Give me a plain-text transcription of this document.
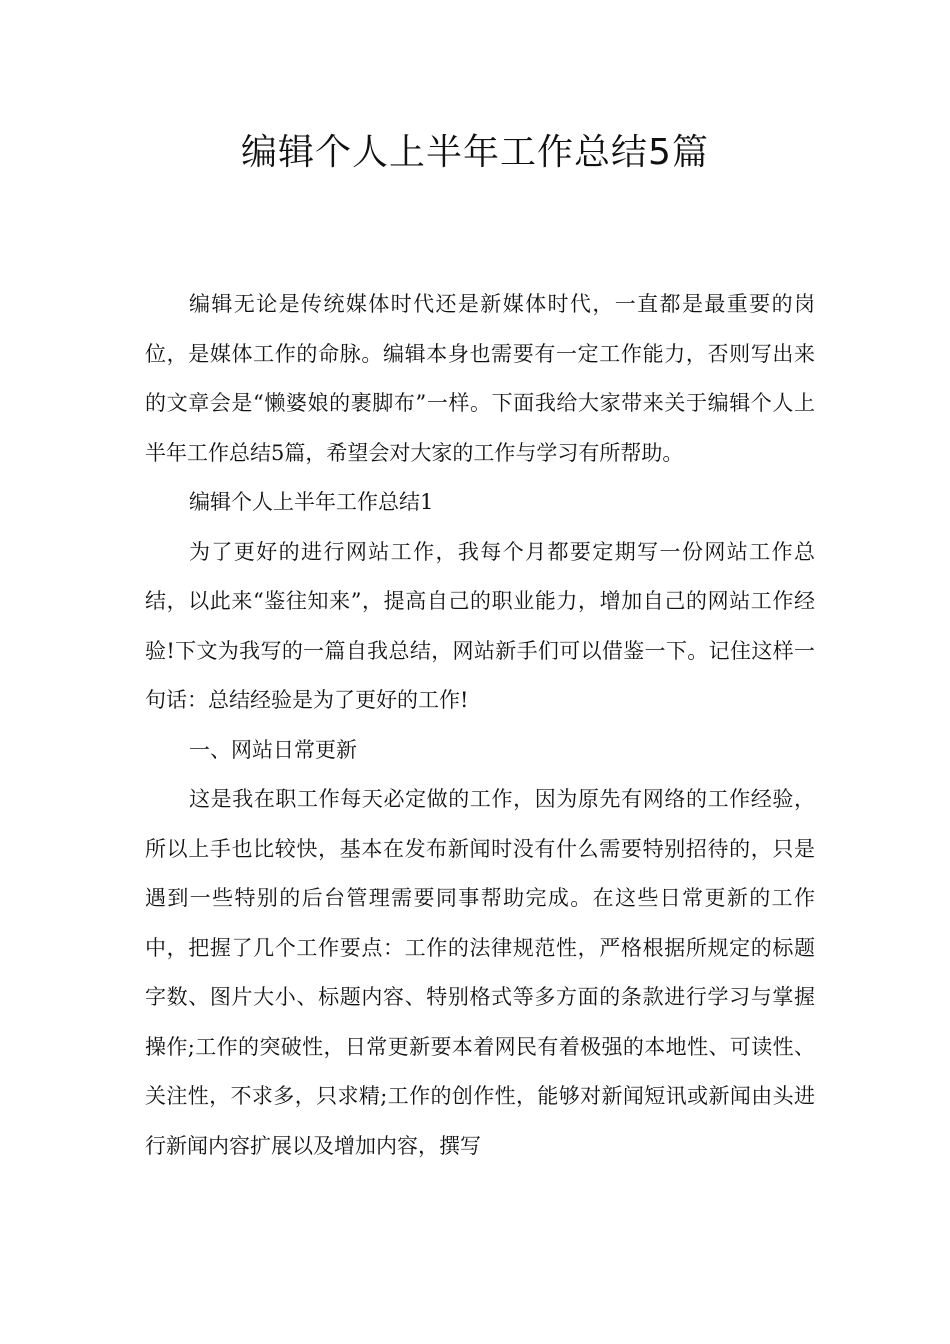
编辑个人上半年工作总结5篇

编辑无论是传统媒体时代还是新媒体时代，一直都是最重要的岗位，是媒体工作的命脉。编辑本身也需要有一定工作能力，否则写出来的文章会是“懒婆娘的裹脚布”一样。下面我给大家带来关于编辑个人上半年工作总结5篇，希望会对大家的工作与学习有所帮助。

编辑个人上半年工作总结1

为了更好的进行网站工作，我每个月都要定期写一份网站工作总结，以此来“鉴往知来”，提高自己的职业能力，增加自己的网站工作经验!下文为我写的一篇自我总结，网站新手们可以借鉴一下。记住这样一句话：总结经验是为了更好的工作!

一、网站日常更新

这是我在职工作每天必定做的工作，因为原先有网络的工作经验，所以上手也比较快，基本在发布新闻时没有什么需要特别招待的，只是遇到一些特别的后台管理需要同事帮助完成。在这些日常更新的工作中，把握了几个工作要点：工作的法律规范性，严格根据所规定的标题字数、图片大小、标题内容、特别格式等多方面的条款进行学习与掌握操作;工作的突破性，日常更新要本着网民有着极强的本地性、可读性、关注性，不求多，只求精;工作的创作性，能够对新闻短讯或新闻由头进行新闻内容扩展以及增加内容，撰写
